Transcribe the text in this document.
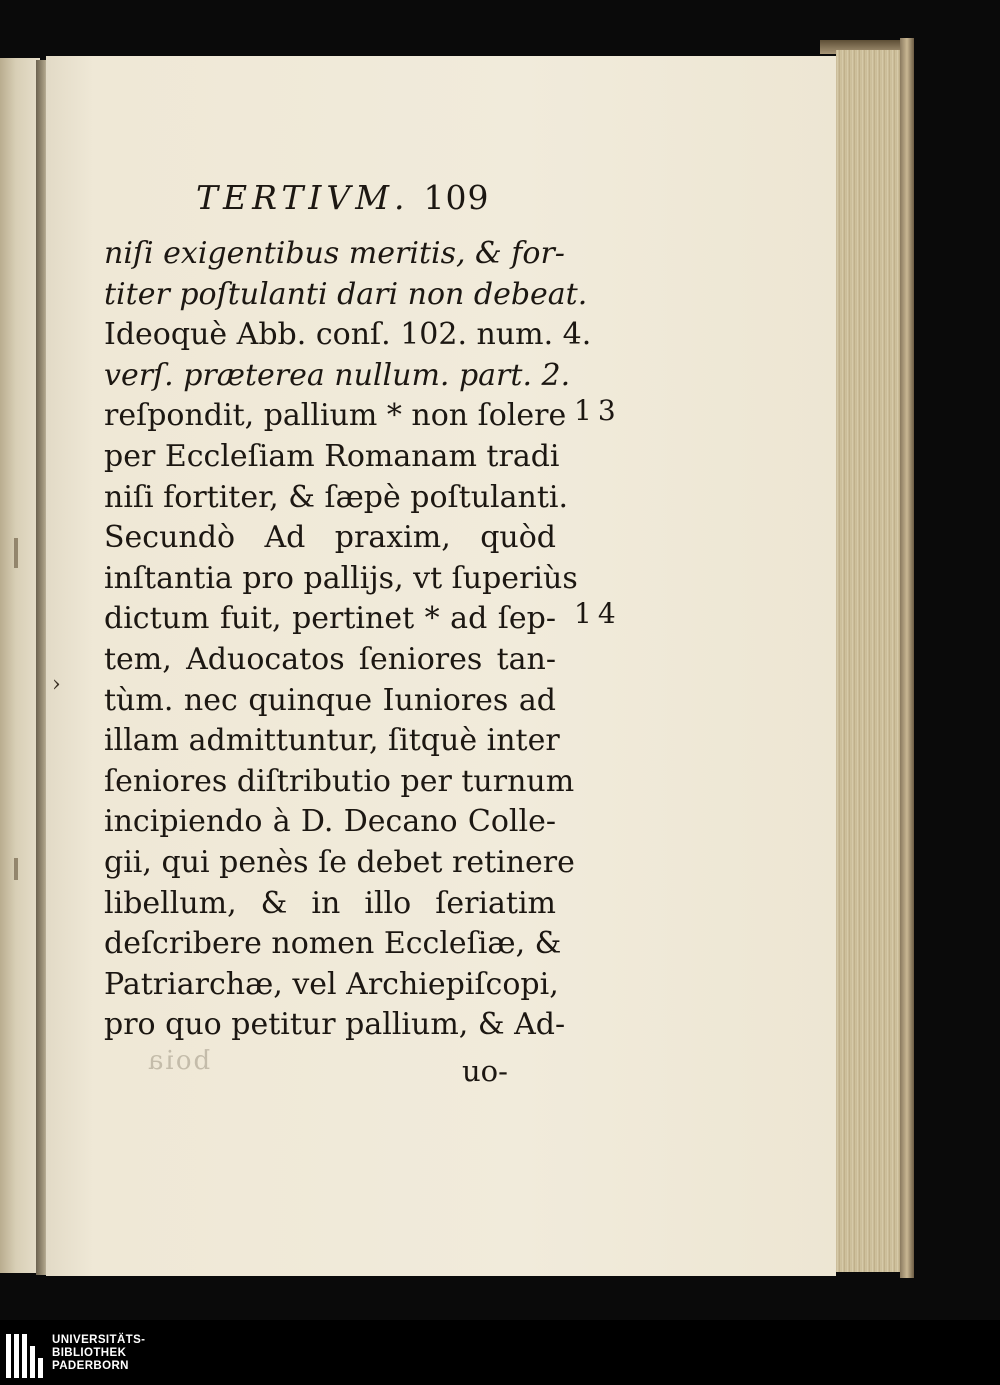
TERTIVM. 109
niſi exigentibus meritis, & for-
titer poſtulanti dari non debeat.
Ideoquè Abb. conſ. 102. num. 4.
verſ. præterea nullum. part. 2.
reſpondit, pallium * non ſolere
per Eccleſiam Romanam tradi
niſi fortiter, & ſæpè poſtulanti.
Secundò Ad praxim, quòd
inſtantia pro pallijs, vt ſuperiùs
dictum fuit, pertinet * ad ſep-
tem, Aduocatos ſeniores tan-
tùm. nec quinque Iuniores ad
illam admittuntur, ſitquè inter
ſeniores diſtributio per turnum
incipiendo à D. Decano Colle-
gii, qui penès ſe debet retinere
libellum, & in illo ſeriatim
deſcribere nomen Eccleſiæ, &
Patriarchæ, vel Archiepiſcopi,
pro quo petitur pallium, & Ad-
13
14
uo-
boia
›
UNIVERSITÄTS-
BIBLIOTHEK
PADERBORN
